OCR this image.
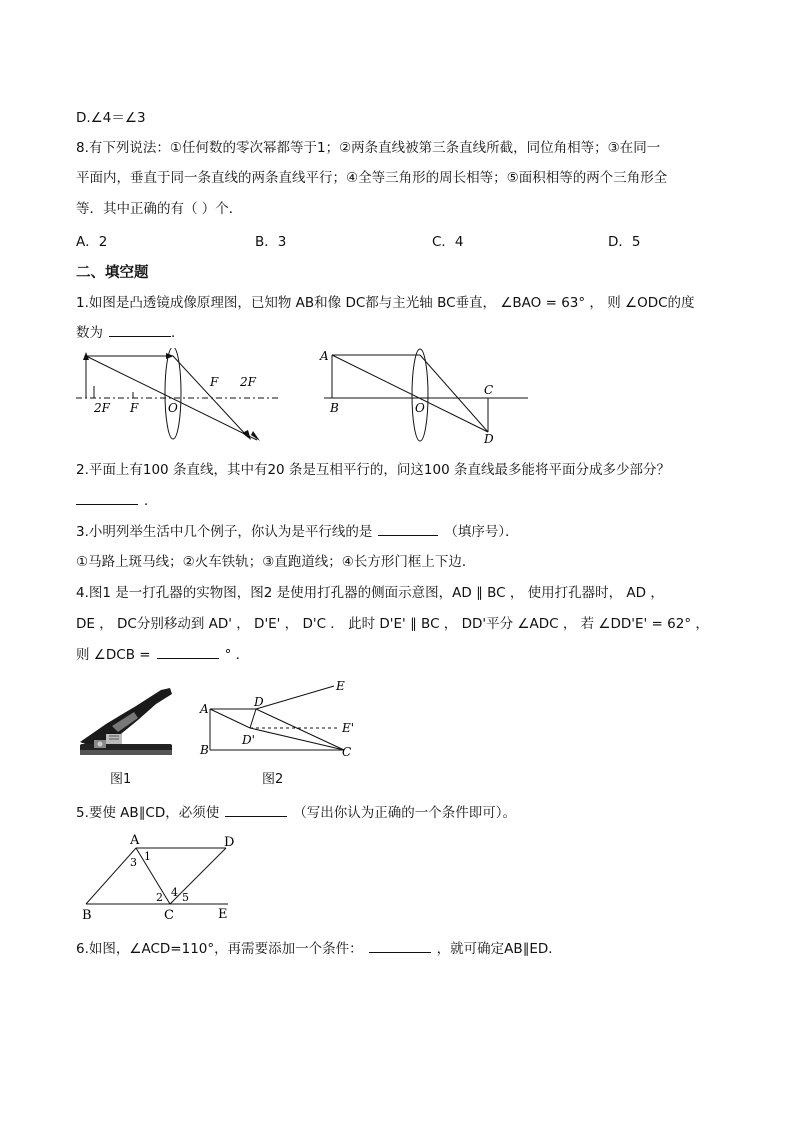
D.∠4＝∠3
8.有下列说法：①任何数的零次幂都等于1；②两条直线被第三条直线所截，同位角相等；③在同一
平面内，垂直于同一条直线的两条直线平行；④全等三角形的周长相等；⑤面积相等的两个三角形全
等．其中正确的有（ ）个．
A．2	B．3	C．4	D．5
二、填空题
1.如图是凸透镜成像原理图，已知物 AB和像 DC都与主光轴 BC垂直， ∠BAO = 63° ， 则 ∠ODC的度
数为	．
2F F O
F 2F
A
B	O
C
D
2.平面上有100 条直线，其中有20 条是互相平行的，问这100 条直线最多能将平面分成多少部分？
．
3.小明列举生活中几个例子，你认为是平行线的是	（填序号）．
①马路上斑马线；②火车铁轨；③直跑道线；④长方形门框上下边．
4.图1 是一打孔器的实物图，图2 是使用打孔器的侧面示意图，AD ∥ BC ， 使用打孔器时， AD ，
DE ， DC分别移动到 AD' ， D'E' ， D'C ． 此时 D'E' ∥ BC ， DD'平分 ∠ADC ， 若 ∠DD'E' = 62° ，
则 ∠DCB =	° ．
图1
A
B
D
D'
E
E'
C
图2
5.要使 AB∥CD，必须使	（写出你认为正确的一个条件即可）。
A	D
B	C	E
1
2
3
4 5
6.如图，∠ACD=110°，再需要添加一个条件：	，就可确定AB∥ED．
